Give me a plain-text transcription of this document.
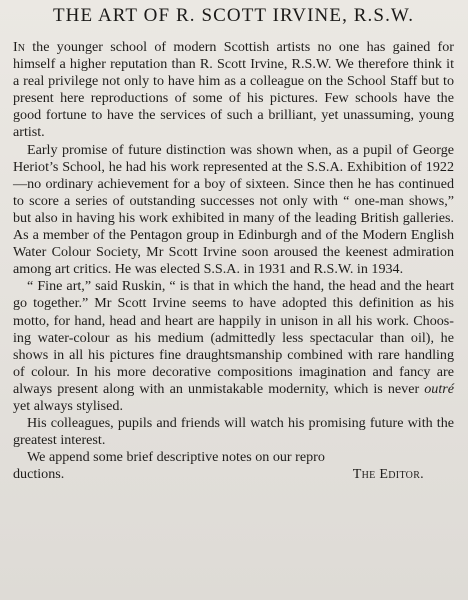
THE ART OF R. SCOTT IRVINE, R.S.W.

In the younger school of modern Scottish artists no one has gained for himself a higher reputation than R. Scott Irvine, R.S.W. We therefore think it a real privilege not only to have him as a colleague on the School Staff but to present here reproductions of some of his pictures. Few schools have the good fortune to have the services of such a brilliant, yet unassuming, young artist.

Early promise of future distinction was shown when, as a pupil of George Heriot’s School, he had his work represented at the S.S.A. Exhibition of 1922—no ordinary achievement for a boy of sixteen. Since then he has continued to score a series of outstanding successes not only with “ one-man shows,” but also in having his work exhibited in many of the leading British galleries. As a member of the Pentagon group in Edinburgh and of the Modern English Water Colour Society, Mr Scott Irvine soon aroused the keenest admiration among art critics. He was elected S.S.A. in 1931 and R.S.W. in 1934.

“ Fine art,” said Ruskin, “ is that in which the hand, the head and the heart go together.” Mr Scott Irvine seems to have adopted this definition as his motto, for hand, head and heart are happily in unison in all his work. Choosing water-colour as his medium (admittedly less spectacular than oil), he shows in all his pictures fine draughtsmanship combined with rare handling of colour. In his more decorative compositions imagination and fancy are always present along with an unmistakable modernity, which is never outré yet always stylised.

His colleagues, pupils and friends will watch his promising future with the greatest interest.

We append some brief descriptive notes on our repro

ductions.	The Editor.
